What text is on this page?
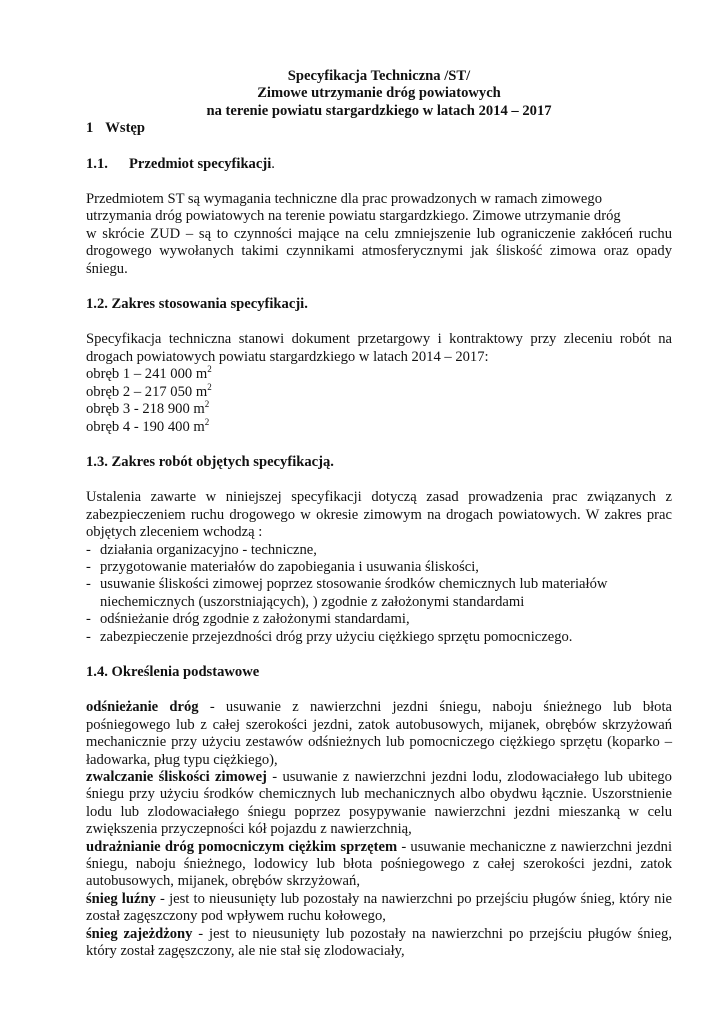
Specyfikacja Techniczna /ST/
Zimowe utrzymanie dróg powiatowych
na terenie powiatu stargardzkiego w latach 2014 – 2017
1 Wstęp
1.1. Przedmiot specyfikacji.

Przedmiotem ST są wymagania techniczne dla prac prowadzonych w ramach zimowego

utrzymania dróg powiatowych na terenie powiatu stargardzkiego. Zimowe utrzymanie dróg

w skrócie ZUD – są to czynności mające na celu zmniejszenie lub ograniczenie zakłóceń ruchu drogowego wywołanych takimi czynnikami atmosferycznymi jak śliskość zimowa oraz opady śniegu.

1.2. Zakres stosowania specyfikacji.

Specyfikacja techniczna stanowi dokument przetargowy i kontraktowy przy zleceniu robót na drogach powiatowych powiatu stargardzkiego w latach 2014 – 2017:

obręb 1 – 241 000 $m^2$
obręb 2 – 217 050 $m^2$
obręb 3 - 218 900 $m^2$
obręb 4 - 190 400 $m^2$
1.3. Zakres robót objętych specyfikacją.

Ustalenia zawarte w niniejszej specyfikacji dotyczą zasad prowadzenia prac związanych z zabezpieczeniem ruchu drogowego w okresie zimowym na drogach powiatowych. W zakres prac objętych zleceniem wchodzą :

- działania organizacyjno - techniczne,
- przygotowanie materiałów do zapobiegania i usuwania śliskości,
- usuwanie śliskości zimowej poprzez stosowanie środków chemicznych lub materiałów
niechemicznych (uszorstniających), ) zgodnie z założonymi standardami
- odśnieżanie dróg zgodnie z założonymi standardami,
- zabezpieczenie przejezdności dróg przy użyciu ciężkiego sprzętu pomocniczego.
1.4. Określenia podstawowe

odśnieżanie dróg - usuwanie z nawierzchni jezdni śniegu, naboju śnieżnego lub błota pośniegowego lub z całej szerokości jezdni, zatok autobusowych, mijanek, obrębów skrzyżowań mechanicznie przy użyciu zestawów odśnieżnych lub pomocniczego ciężkiego sprzętu (koparko – ładowarka, pług typu ciężkiego),

zwalczanie śliskości zimowej - usuwanie z nawierzchni jezdni lodu, zlodowaciałego lub ubitego śniegu przy użyciu środków chemicznych lub mechanicznych albo obydwu łącznie. Uszorstnienie lodu lub zlodowaciałego śniegu poprzez posypywanie nawierzchni jezdni mieszanką w celu zwiększenia przyczepności kół pojazdu z nawierzchnią,

udrażnianie dróg pomocniczym ciężkim sprzętem - usuwanie mechaniczne z nawierzchni jezdni śniegu, naboju śnieżnego, lodowicy lub błota pośniegowego z całej szerokości jezdni, zatok autobusowych, mijanek, obrębów skrzyżowań,

śnieg luźny - jest to nieusunięty lub pozostały na nawierzchni po przejściu pługów śnieg, który nie został zagęszczony pod wpływem ruchu kołowego,

śnieg zajeżdżony - jest to nieusunięty lub pozostały na nawierzchni po przejściu pługów śnieg, który został zagęszczony, ale nie stał się zlodowaciały,
